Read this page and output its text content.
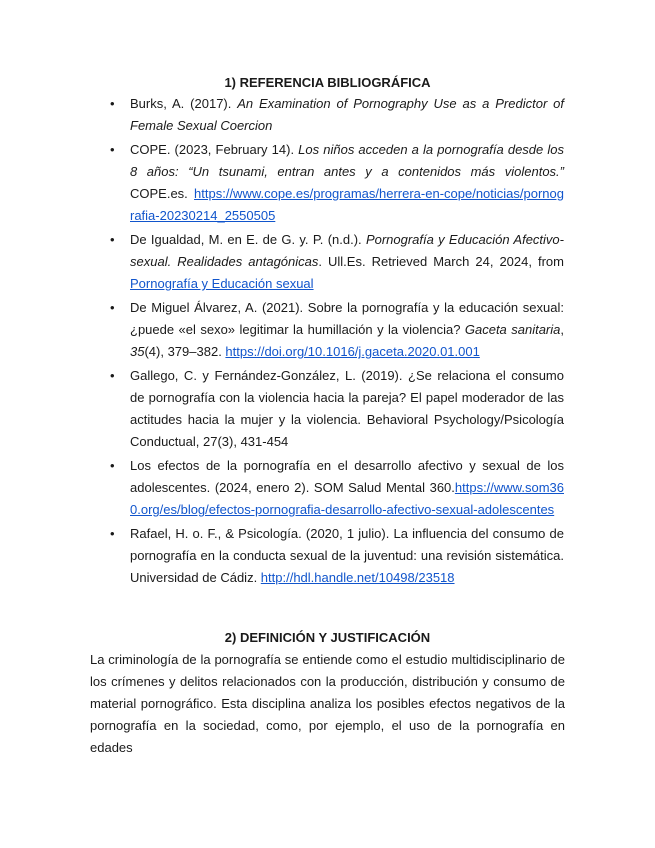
1) REFERENCIA BIBLIOGRÁFICA
• Burks, A. (2017). An Examination of Pornography Use as a Predictor of Female Sexual Coercion

• COPE. (2023, February 14). Los niños acceden a la pornografía desde los 8 años: “Un tsunami, entran antes y a contenidos más violentos.” COPE.es. https://www.cope.es/programas/herrera-en-cope/noticias/pornografia-20230214_2550505

• De Igualdad, M. en E. de G. y. P. (n.d.). Pornografía y Educación Afectivo-sexual. Realidades antagónicas. Ull.Es. Retrieved March 24, 2024, from Pornografía y Educación sexual

• De Miguel Álvarez, A. (2021). Sobre la pornografía y la educación sexual: ¿puede «el sexo» legitimar la humillación y la violencia? Gaceta sanitaria, 35(4), 379–382. https://doi.org/10.1016/j.gaceta.2020.01.001

• Gallego, C. y Fernández-González, L. (2019). ¿Se relaciona el consumo de pornografía con la violencia hacia la pareja? El papel moderador de las actitudes hacia la mujer y la violencia. Behavioral Psychology/Psicología Conductual, 27(3), 431-454

• Los efectos de la pornografía en el desarrollo afectivo y sexual de los adolescentes. (2024, enero 2). SOM Salud Mental 360.https://www.som360.org/es/blog/efectos-pornografia-desarrollo-afectivo-sexual-adolescentes

• Rafael, H. o. F., & Psicología. (2020, 1 julio). La influencia del consumo de pornografía en la conducta sexual de la juventud: una revisión sistemática. Universidad de Cádiz. http://hdl.handle.net/10498/23518

2) DEFINICIÓN Y JUSTIFICACIÓN

La criminología de la pornografía se entiende como el estudio multidisciplinario de los crímenes y delitos relacionados con la producción, distribución y consumo de material pornográfico. Esta disciplina analiza los posibles efectos negativos de la pornografía en la sociedad, como, por ejemplo, el uso de la pornografía en edades
